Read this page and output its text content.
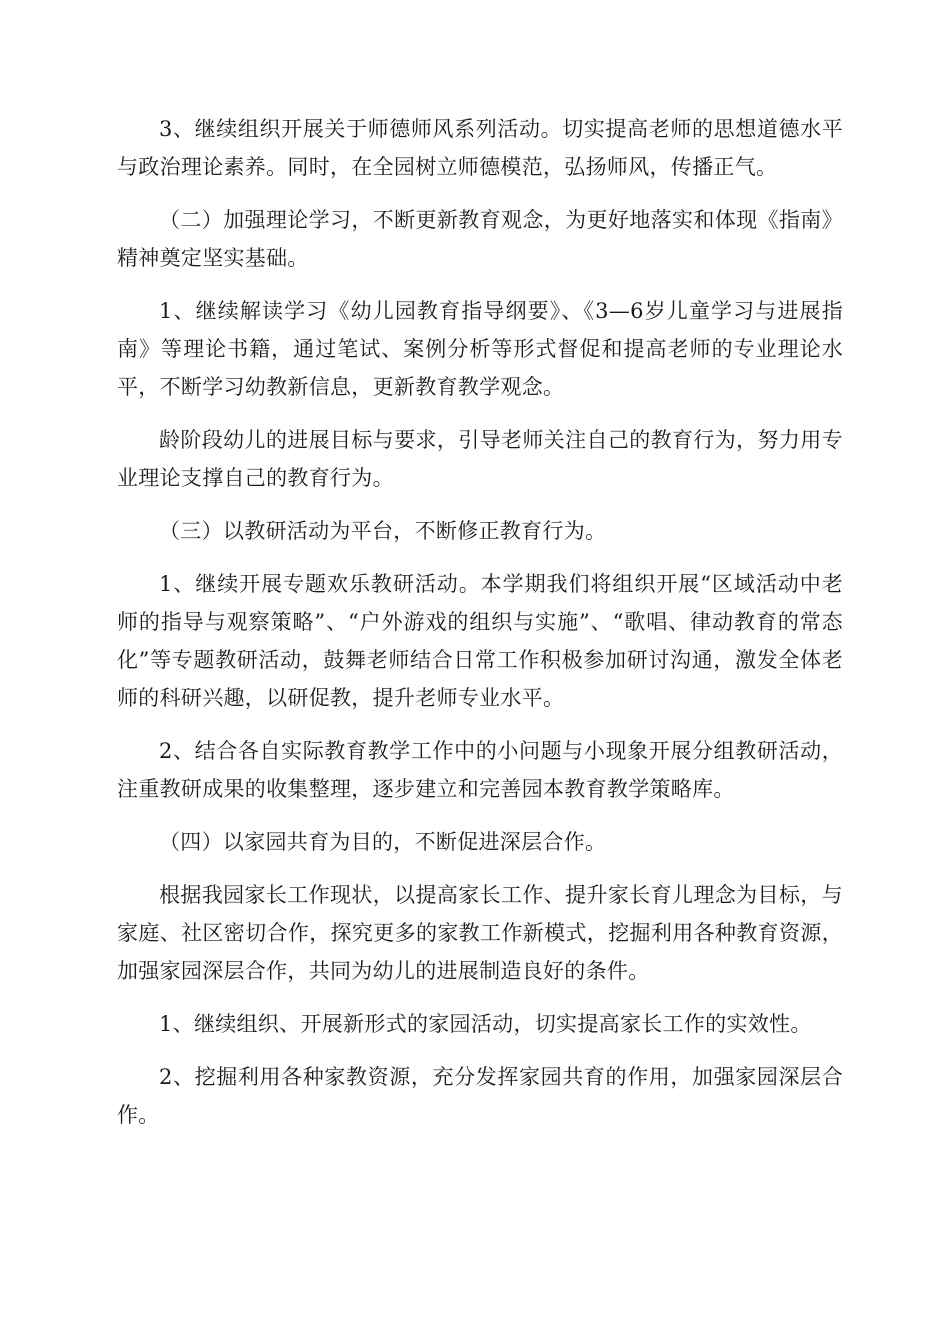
3、继续组织开展关于师德师风系列活动。切实提高老师的思想道德水平与政治理论素养。同时，在全园树立师德模范，弘扬师风，传播正气。

（二）加强理论学习，不断更新教育观念，为更好地落实和体现《指南》精神奠定坚实基础。

1、继续解读学习《幼儿园教育指导纲要》、《3—6岁儿童学习与进展指南》等理论书籍，通过笔试、案例分析等形式督促和提高老师的专业理论水平，不断学习幼教新信息，更新教育教学观念。

龄阶段幼儿的进展目标与要求，引导老师关注自己的教育行为，努力用专业理论支撑自己的教育行为。

（三）以教研活动为平台，不断修正教育行为。

1、继续开展专题欢乐教研活动。本学期我们将组织开展“区域活动中老师的指导与观察策略”、“户外游戏的组织与实施”、“歌唱、律动教育的常态化”等专题教研活动，鼓舞老师结合日常工作积极参加研讨沟通，激发全体老师的科研兴趣，以研促教，提升老师专业水平。

2、结合各自实际教育教学工作中的小问题与小现象开展分组教研活动，注重教研成果的收集整理，逐步建立和完善园本教育教学策略库。

（四）以家园共育为目的，不断促进深层合作。

根据我园家长工作现状，以提高家长工作、提升家长育儿理念为目标，与家庭、社区密切合作，探究更多的家教工作新模式，挖掘利用各种教育资源，加强家园深层合作，共同为幼儿的进展制造良好的条件。

1、继续组织、开展新形式的家园活动，切实提高家长工作的实效性。

2、挖掘利用各种家教资源，充分发挥家园共育的作用，加强家园深层合作。
